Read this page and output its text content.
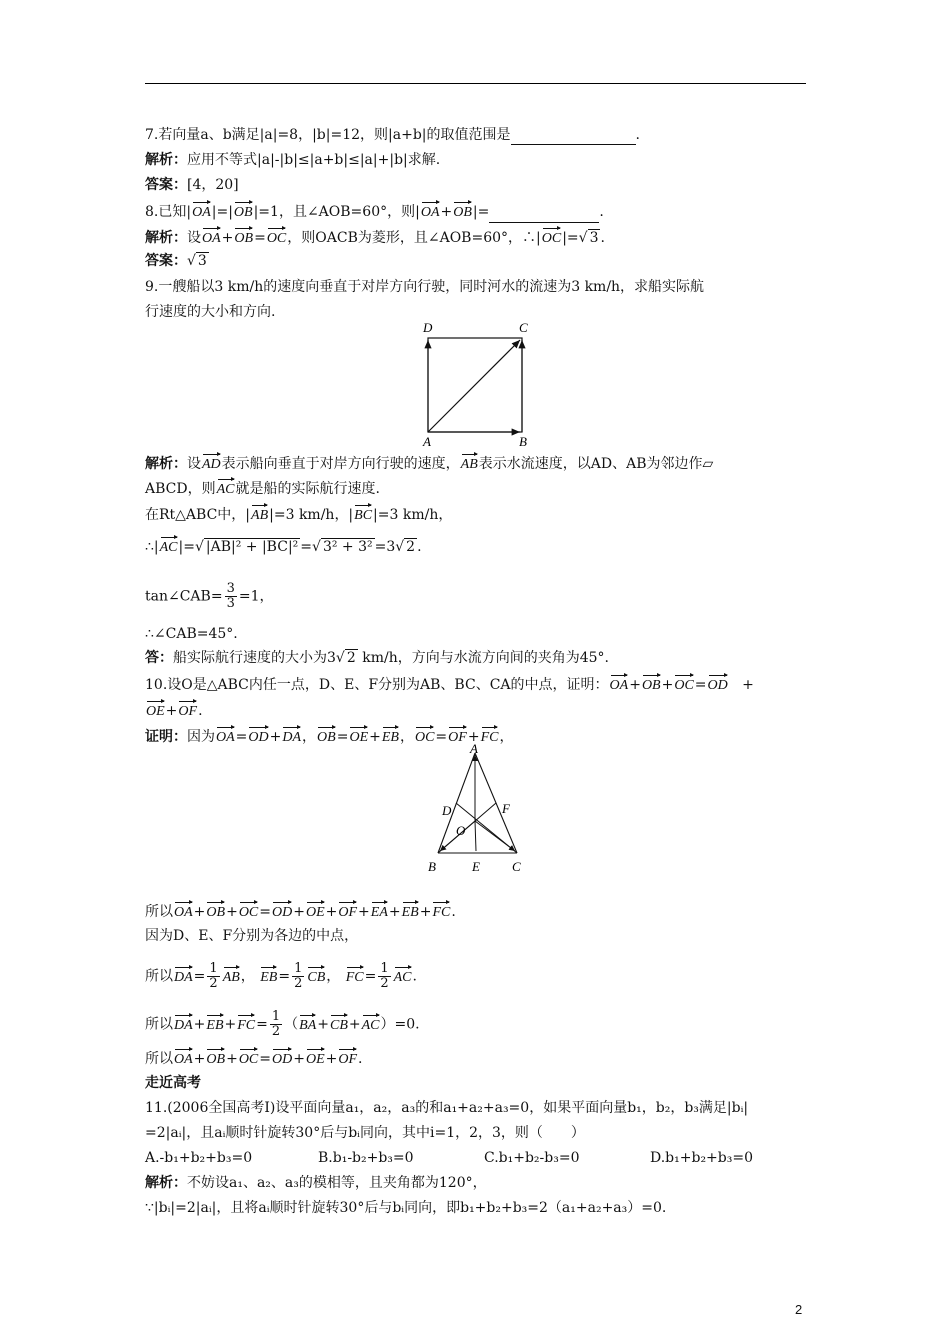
7.若向量a、b满足|a|=8，|b|=12，则|a+b|的取值范围是	.
解析：应用不等式|a|-|b|≤|a+b|≤|a|+|b|求解.
答案：[4，20]
8.已知|OA|=|OB|=1，且∠AOB=60°，则|OA+OB|=	.
解析：设OA+OB=OC，则OACB为菱形，且∠AOB=60°，∴|OC|=√ 3 .
答案：√ 3
9.一艘船以3 km/h的速度向垂直于对岸方向行驶，同时河水的流速为3 km/h，求船实际航
行速度的大小和方向.
D	C
A	B
解析：设AD表示船向垂直于对岸方向行驶的速度，AB表示水流速度，以AD、AB为邻边作▱
ABCD，则AC就是船的实际航行速度.
在Rt△ABC中，|AB|=3 km/h，|BC|=3 km/h，
∴|AC|=√ |AB|² + |BC|² =√ 3² + 3² =3√ 2 .
tan∠CAB= $\frac{3}{3} =1$，
∴∠CAB=45°.
答：船实际航行速度的大小为3√ 2 km/h，方向与水流方向间的夹角为45°.
10.设O是△ABC内任一点，D、E、F分别为AB、BC、CA的中点，证明：OA+OB+OC=OD   +
OE+OF.
证明：因为OA=OD+DA，OB=OE+EB，OC=OF+FC，
A
D	F
O
B	E C
所以OA+OB+OC=OD+OE+OF+EA+EB+FC.
因为D、E、F分别为各边的中点，
所以$DA= \frac{1}{2}$ AB， $EB= \frac{1}{2}$ CB， $FC= \frac{1}{2}$ AC.
所以$DA+EB+FC= \frac{1}{2} (BA+CB+AC)=0$.
所以OA+OB+OC=OD+OE+OF.
走近高考
11.(2006全国高考Ⅰ)设平面向量a₁，a₂，a₃的和a₁+a₂+a₃=0，如果平面向量b₁，b₂，b₃满足|bᵢ|
=2|aᵢ|，且aᵢ顺时针旋转30°后与bᵢ同向，其中i=1，2，3，则（　　）
A.-b₁+b₂+b₃=0	B.b₁-b₂+b₃=0	C.b₁+b₂-b₃=0	D.b₁+b₂+b₃=0
解析：不妨设a₁、a₂、a₃的模相等，且夹角都为120°，
∵|bᵢ|=2|aᵢ|，且将aᵢ顺时针旋转30°后与bᵢ同向，即b₁+b₂+b₃=2（a₁+a₂+a₃）=0.
2
